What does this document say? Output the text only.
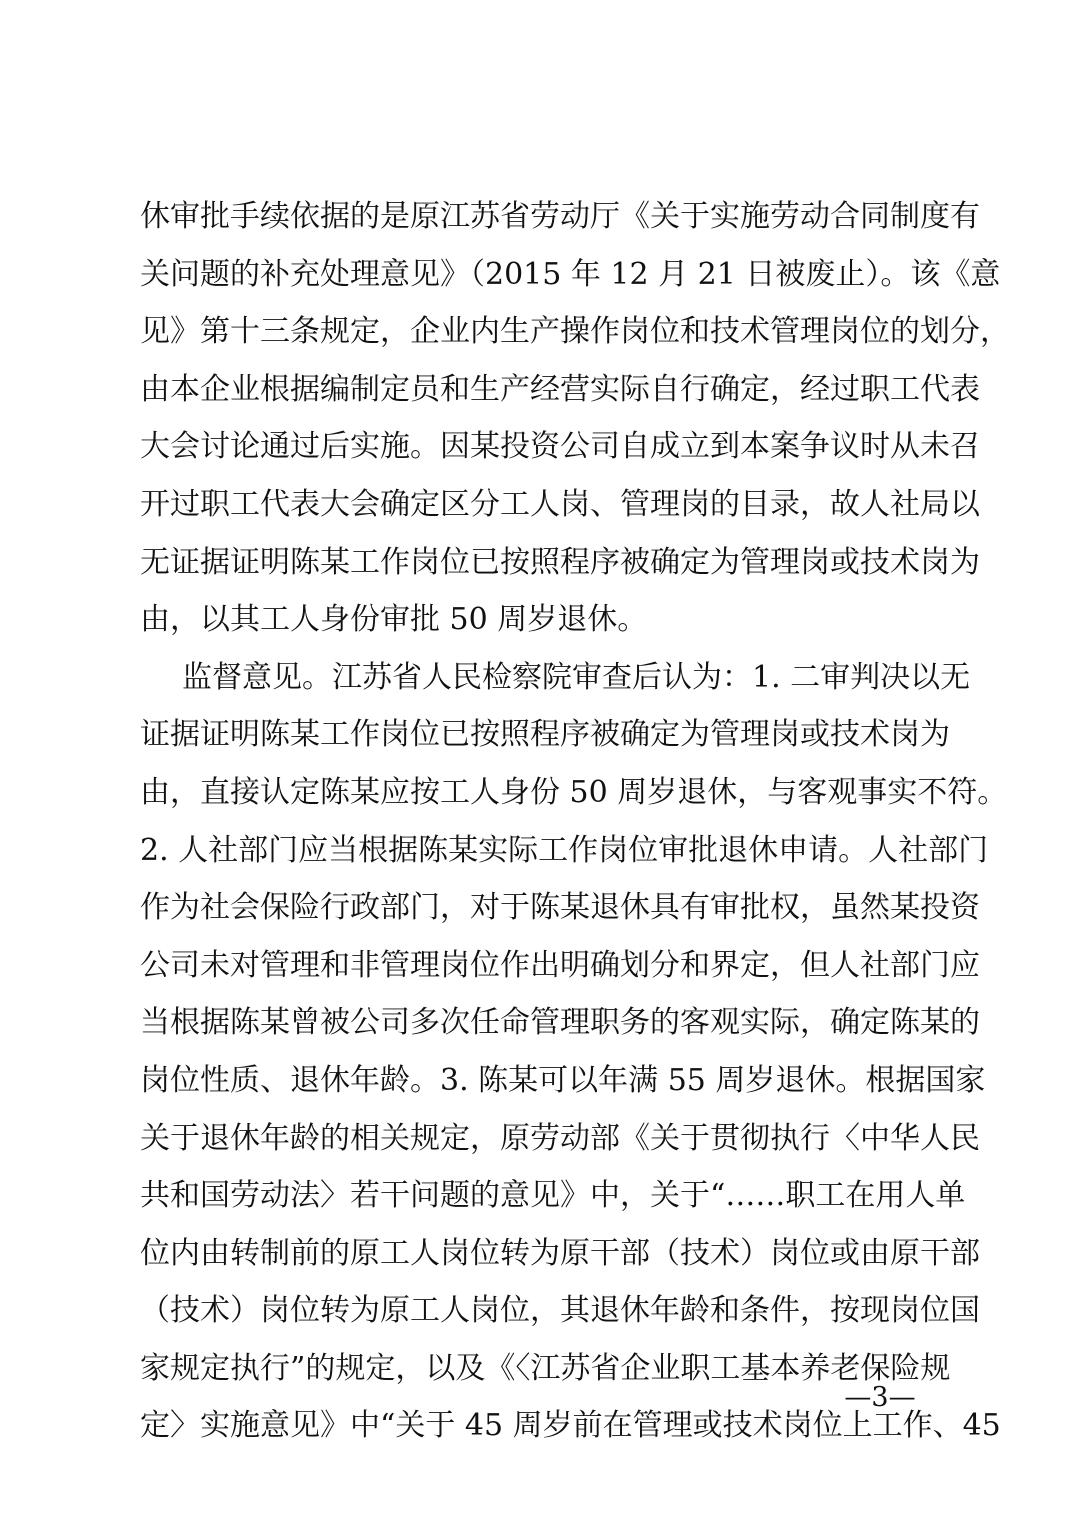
休审批手续依据的是原江苏省劳动厅《关于实施劳动合同制度有
关问题的补充处理意见》（2015 年 12 月 21 日被废止）。该《意
见》第十三条规定，企业内生产操作岗位和技术管理岗位的划分，
由本企业根据编制定员和生产经营实际自行确定，经过职工代表
大会讨论通过后实施。因某投资公司自成立到本案争议时从未召
开过职工代表大会确定区分工人岗、管理岗的目录，故人社局以
无证据证明陈某工作岗位已按照程序被确定为管理岗或技术岗为
由，以其工人身份审批 50 周岁退休。
监督意见。江苏省人民检察院审查后认为：1. 二审判决以无
证据证明陈某工作岗位已按照程序被确定为管理岗或技术岗为
由，直接认定陈某应按工人身份 50 周岁退休，与客观事实不符。
2. 人社部门应当根据陈某实际工作岗位审批退休申请。人社部门
作为社会保险行政部门，对于陈某退休具有审批权，虽然某投资
公司未对管理和非管理岗位作出明确划分和界定，但人社部门应
当根据陈某曾被公司多次任命管理职务的客观实际，确定陈某的
岗位性质、退休年龄。3. 陈某可以年满 55 周岁退休。根据国家
关于退休年龄的相关规定，原劳动部《关于贯彻执行〈中华人民
共和国劳动法〉若干问题的意见》中，关于“……职工在用人单
位内由转制前的原工人岗位转为原干部（技术）岗位或由原干部
（技术）岗位转为原工人岗位，其退休年龄和条件，按现岗位国
家规定执行”的规定，以及《〈江苏省企业职工基本养老保险规
定〉实施意见》中“关于 45 周岁前在管理或技术岗位上工作、45
—3—
